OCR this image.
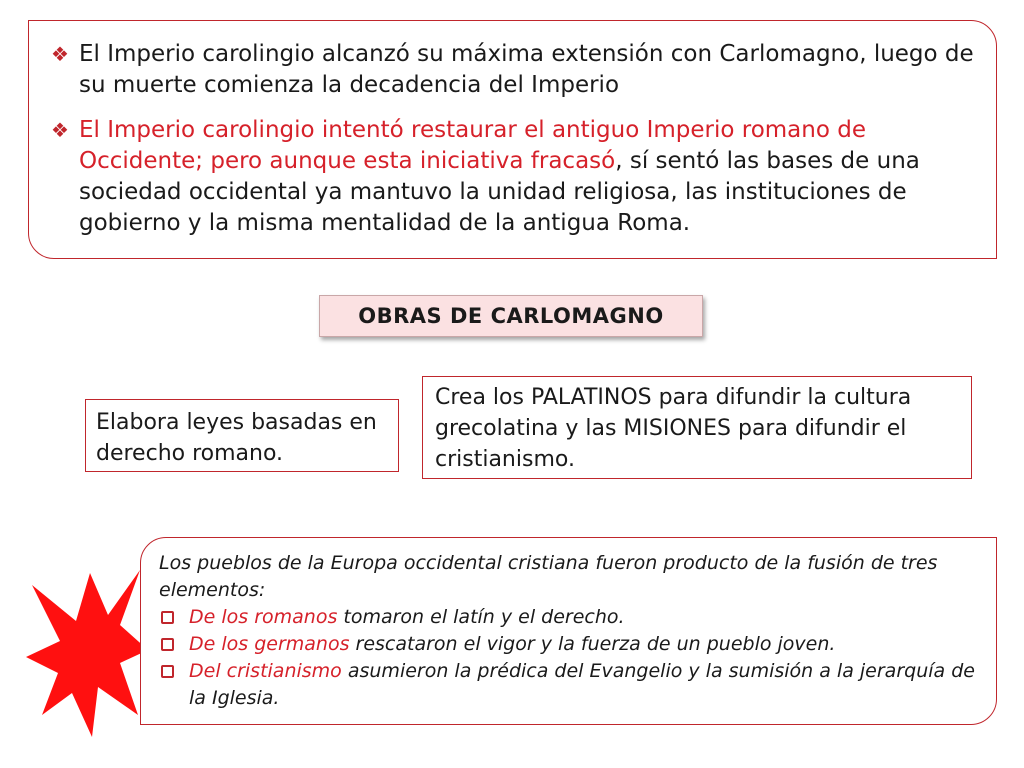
❖ El Imperio carolingio alcanzó su máxima extensión con Carlomagno, luego de su muerte comienza la decadencia del Imperio

❖ El Imperio carolingio intentó restaurar el antiguo Imperio romano de Occidente; pero aunque esta iniciativa fracasó, sí sentó las bases de una sociedad occidental ya mantuvo la unidad religiosa, las instituciones de gobierno y la misma mentalidad de la antigua Roma.

OBRAS DE CARLOMAGNO
Elabora leyes basadas en derecho romano.
Crea los PALATINOS para difundir la cultura grecolatina y las MISIONES para difundir el cristianismo.
Los pueblos de la Europa occidental cristiana fueron producto de la fusión de tres elementos:
De los romanos tomaron el latín y el derecho.
De los germanos rescataron el vigor y la fuerza de un pueblo joven.
Del cristianismo asumieron la prédica del Evangelio y la sumisión a la jerarquía de la Iglesia.
